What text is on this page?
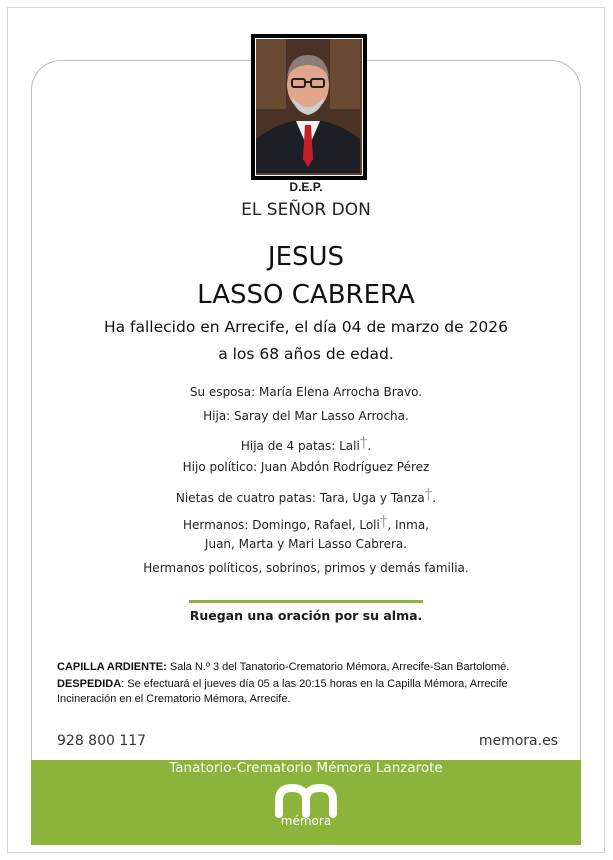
D.E.P.
EL SEÑOR DON
JESUS
LASSO CABRERA
Ha fallecido en Arrecife, el día 04 de marzo de 2026
a los 68 años de edad.
Su esposa: María Elena Arrocha Bravo.
Hija: Saray del Mar Lasso Arrocha.
Hija de 4 patas: Lali†.
Hijo político: Juan Abdón Rodríguez Pérez
Nietas de cuatro patas: Tara, Uga y Tanza†.
Hermanos: Domingo, Rafael, Loli†, Inma,
Juan, Marta y Mari Lasso Cabrera.
Hermanos políticos, sobrinos, primos y demás familia.
Ruegan una oración por su alma.
CAPILLA ARDIENTE: Sala N.º 3 del Tanatorio-Crematorio Mémora, Arrecife-San Bartolomé.
DESPEDIDA: Se efectuará el jueves día 05 a las 20:15 horas en la Capilla Mémora, Arrecife
Incineración en el Crematorio Mémora, Arrecife.
928 800 117	memora.es
Tanatorio-Crematorio Mémora Lanzarote
mémora
